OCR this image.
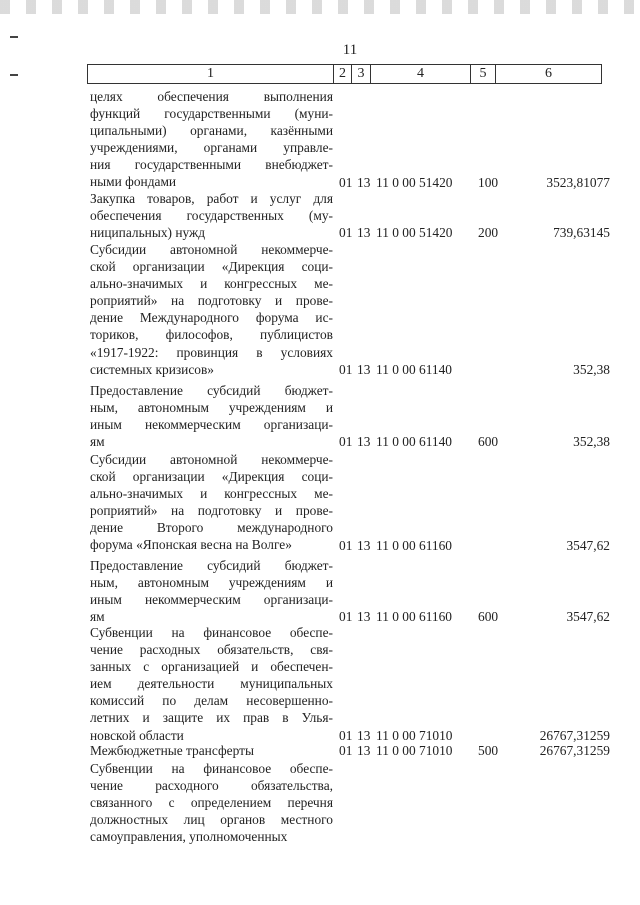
11
1	2	3	4	5	6
целях обеспечения выполнения
функций государственными (муни-
ципальными) органами, казёнными
учреждениями, органами управле-
ния государственными внебюджет-
ными фондами	01 13 11 0 00 51420 100	3523,81077
Закупка товаров, работ и услуг для
обеспечения государственных (му-
ниципальных) нужд	01 13 11 0 00 51420 200	739,63145
Субсидии автономной некоммерче-
ской организации «Дирекция соци-
ально-значимых и конгрессных ме-
роприятий» на подготовку и прове-
дение Международного форума ис-
ториков, философов, публицистов
«1917-1922: провинция в условиях
системных кризисов»	01 13 11 0 00 61140	352,38
Предоставление субсидий бюджет-
ным, автономным учреждениям и
иным некоммерческим организаци-
ям	01 13 11 0 00 61140 600	352,38
Субсидии автономной некоммерче-
ской организации «Дирекция соци-
ально-значимых и конгрессных ме-
роприятий» на подготовку и прове-
дение Второго международного
форума «Японская весна на Волге»	01 13 11 0 00 61160	3547,62
Предоставление субсидий бюджет-
ным, автономным учреждениям и
иным некоммерческим организаци-
ям	01 13 11 0 00 61160 600	3547,62
Субвенции на финансовое обеспе-
чение расходных обязательств, свя-
занных с организацией и обеспечен-
ием деятельности муниципальных
комиссий по делам несовершенно-
летних и защите их прав в Улья-
новской области	01 13 11 0 00 71010	26767,31259
Межбюджетные трансферты	01 13 11 0 00 71010 500	26767,31259
Субвенции на финансовое обеспе-
чение расходного обязательства,
связанного с определением перечня
должностных лиц органов местного
самоуправления, уполномоченных
